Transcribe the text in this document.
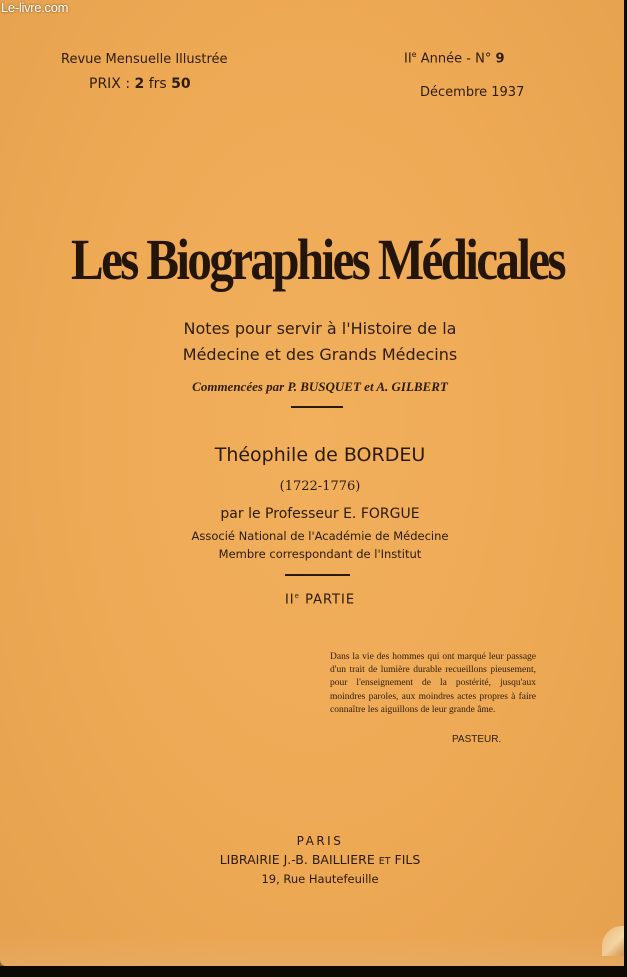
Le-livre.com
Revue Mensuelle Illustrée
PRIX : 2 frs 50
IIe Année - N° 9
Décembre 1937
Les Biographies Médicales
Notes pour servir à l'Histoire de la
Médecine et des Grands Médecins
Commencées par P. BUSQUET et A. GILBERT
Théophile de BORDEU
(1722-1776)
par le Professeur E. FORGUE
Associé National de l'Académie de Médecine
Membre correspondant de l'Institut
IIe PARTIE
Dans la vie des hommes qui ont marqué leur passage d'un trait de lumière durable recueillons pieusement, pour l'enseignement de la postérité, jusqu'aux moindres paroles, aux moindres actes propres à faire connaître les aiguillons de leur grande âme.
PASTEUR.
PARIS
LIBRAIRIE J.-B. BAILLIERE ET FILS
19, Rue Hautefeuille
